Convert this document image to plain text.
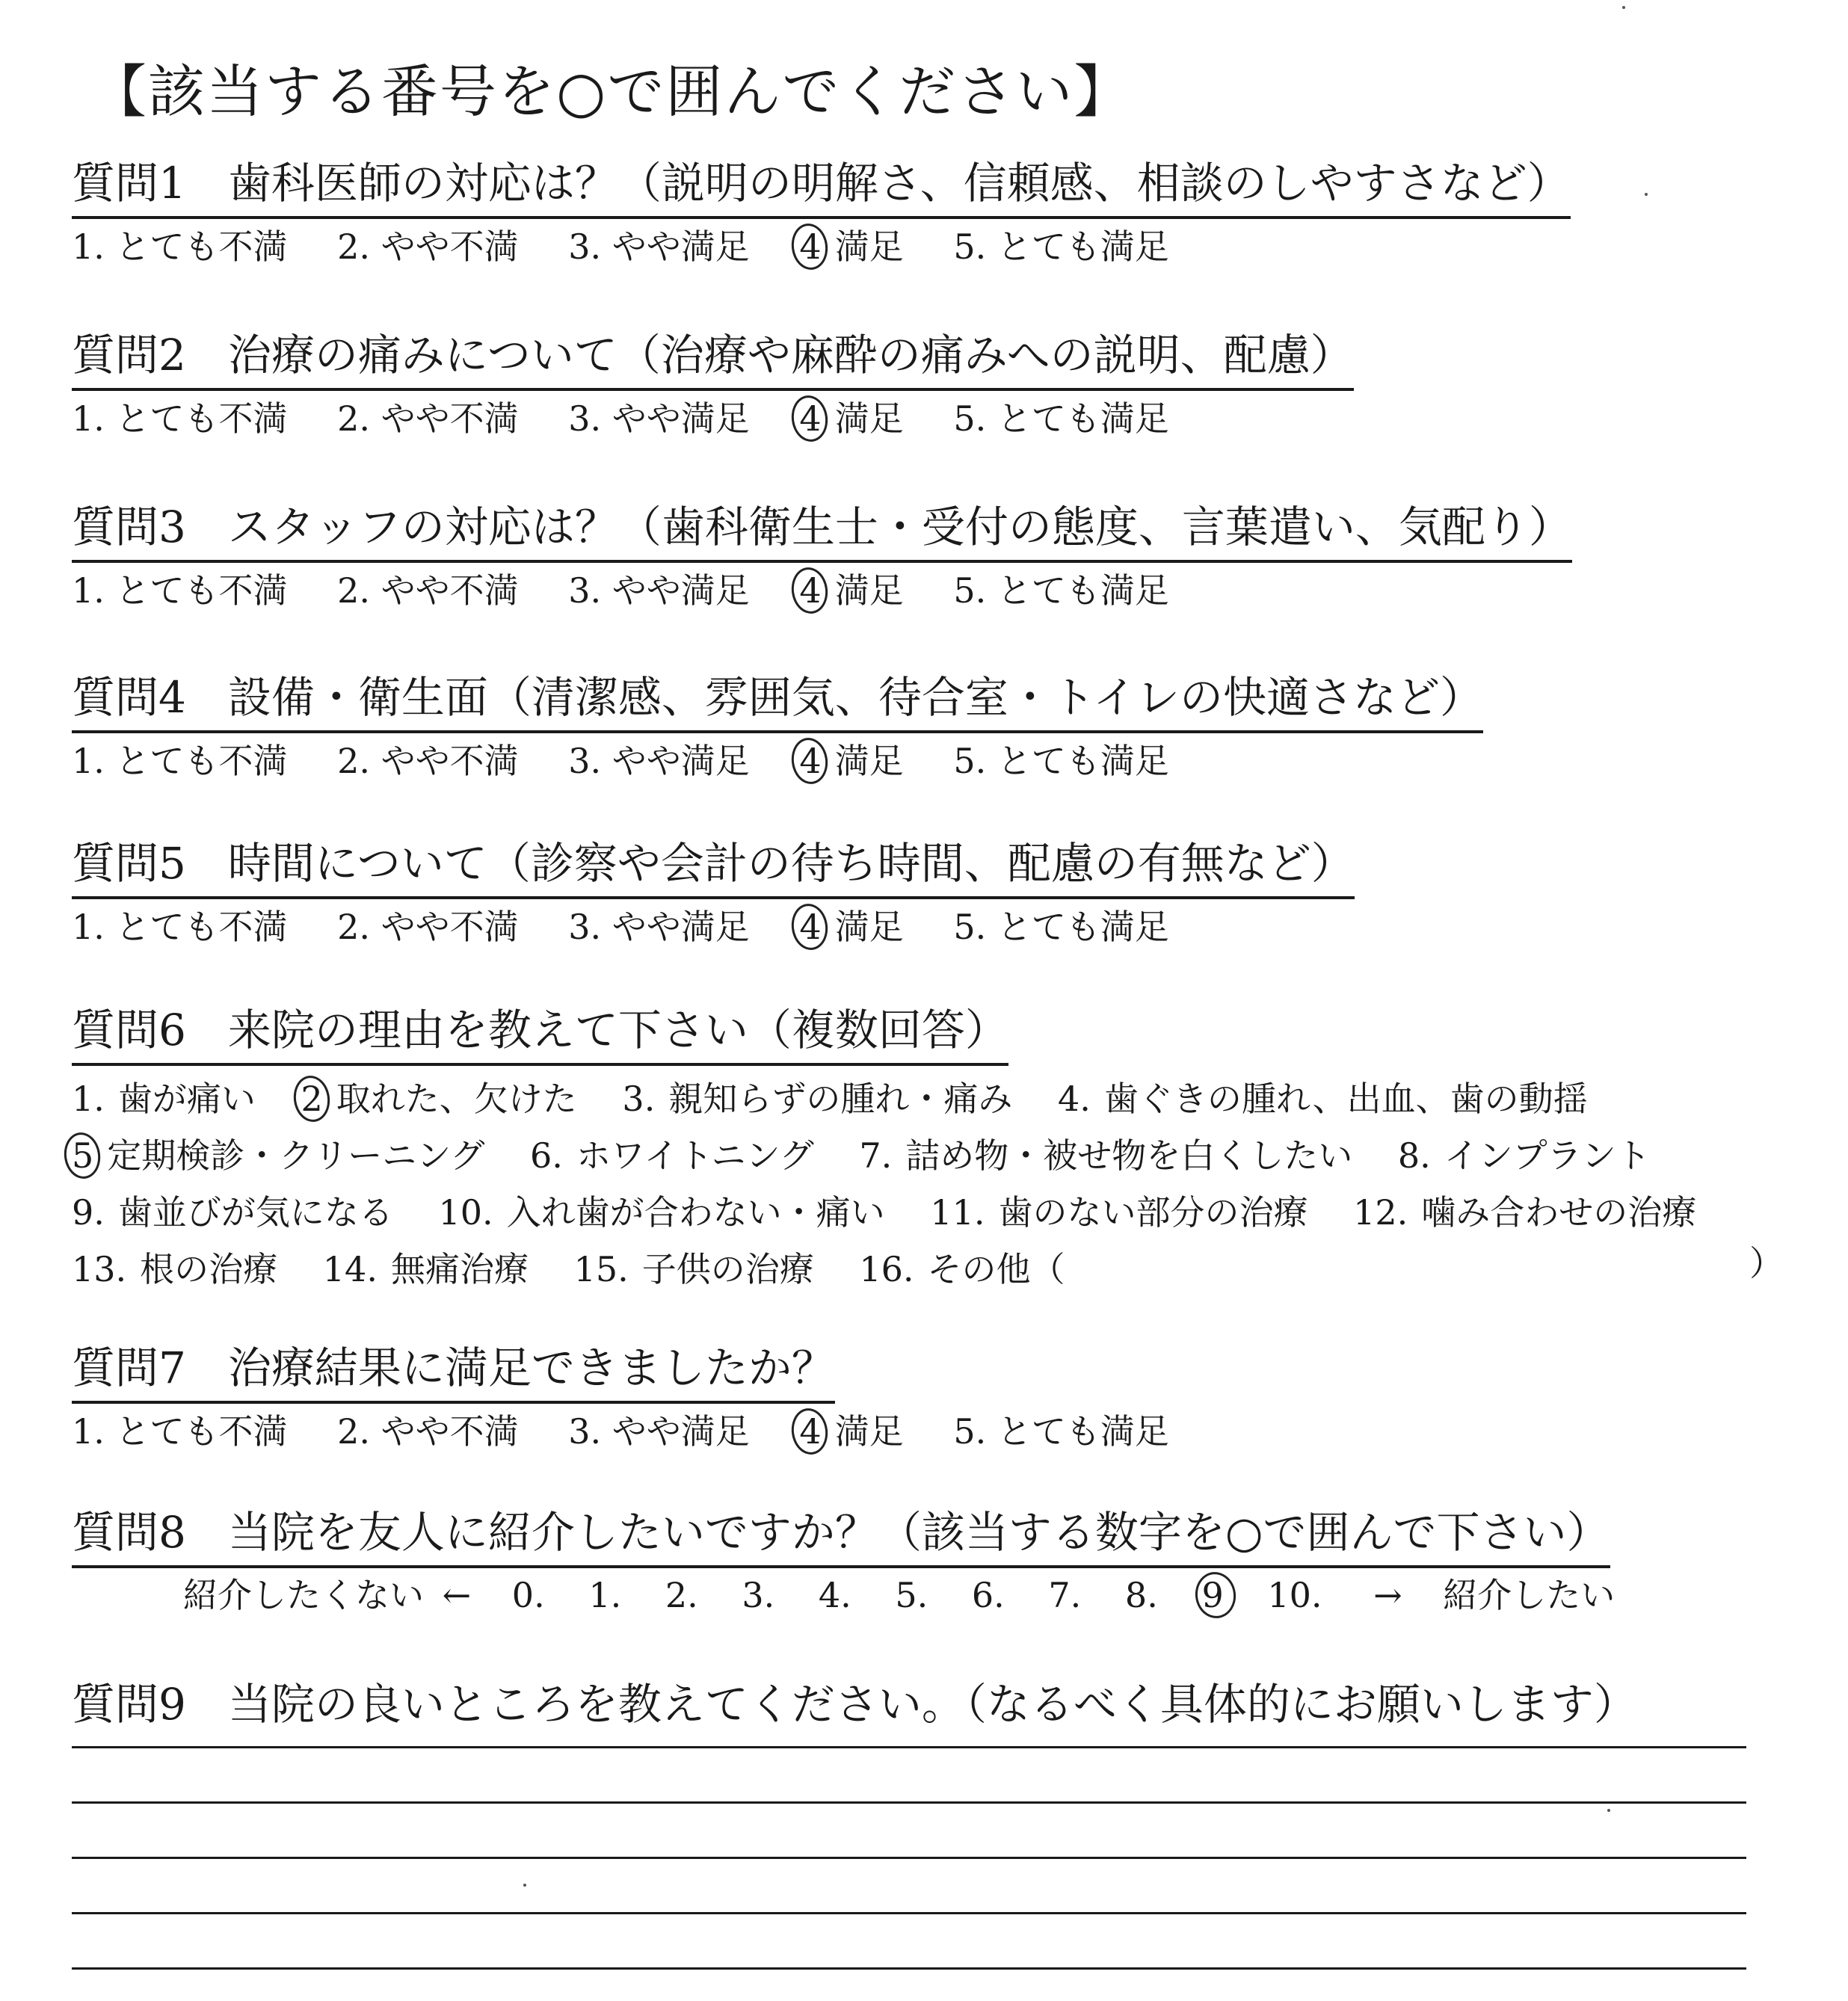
【該当する番号を○で囲んでください】
質問1 歯科医師の対応は？（説明の明解さ、信頼感、相談のしやすさなど）
1. とても不満 2. やや不満 3. やや満足 4 満足 5. とても満足
質問2 治療の痛みについて（治療や麻酔の痛みへの説明、配慮）
1. とても不満 2. やや不満 3. やや満足 4 満足 5. とても満足
質問3 スタッフの対応は？（歯科衛生士・受付の態度、言葉遣い、気配り）
1. とても不満 2. やや不満 3. やや満足 4 満足 5. とても満足
質問4 設備・衛生面（清潔感、雰囲気、待合室・トイレの快適さなど）
1. とても不満 2. やや不満 3. やや満足 4 満足 5. とても満足
質問5 時間について（診察や会計の待ち時間、配慮の有無など）
1. とても不満 2. やや不満 3. やや満足 4 満足 5. とても満足
質問6 来院の理由を教えて下さい（複数回答）
1. 歯が痛い 2 取れた、欠けた 3. 親知らずの腫れ・痛み 4. 歯ぐきの腫れ、出血、歯の動揺
5 定期検診・クリーニング 6. ホワイトニング 7. 詰め物・被せ物を白くしたい 8. インプラント
9. 歯並びが気になる 10. 入れ歯が合わない・痛い 11. 歯のない部分の治療 12. 噛み合わせの治療
13. 根の治療 14. 無痛治療 15. 子供の治療 16. その他（	）
質問7 治療結果に満足できましたか？
1. とても不満 2. やや不満 3. やや満足 4 満足 5. とても満足
質問8 当院を友人に紹介したいですか？（該当する数字を○で囲んで下さい）
紹介したくない ← 0. 1. 2. 3. 4. 5. 6. 7. 8. 9 10. → 紹介したい
質問9 当院の良いところを教えてください。（なるべく具体的にお願いします）
